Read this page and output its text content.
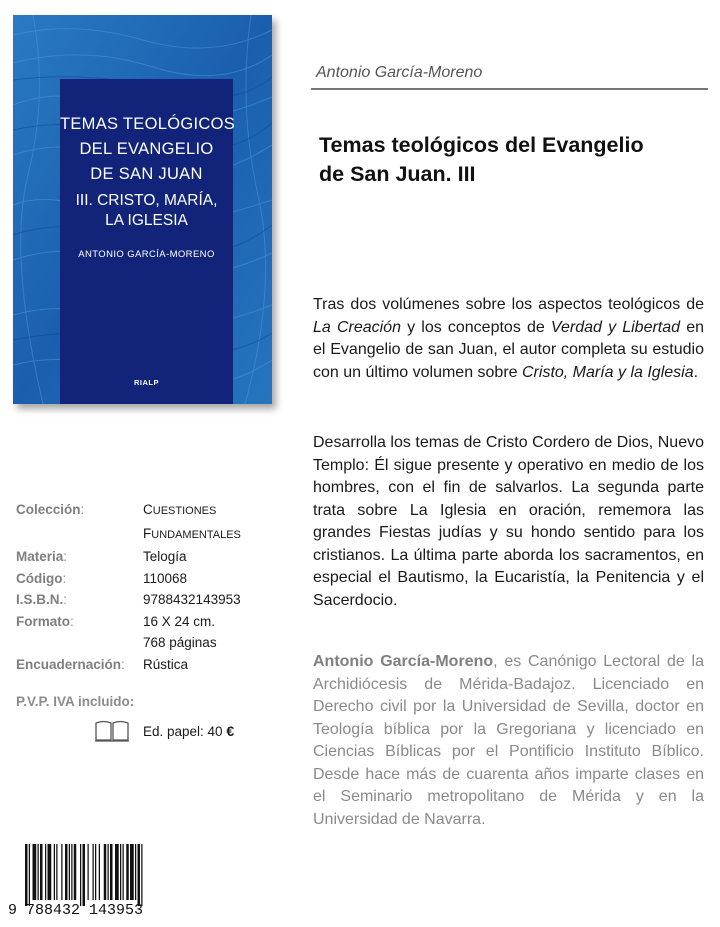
TEMAS TEOLÓGICOS
DEL EVANGELIO
DE SAN JUAN
III. CRISTO, MARÍA,
LA IGLESIA
ANTONIO GARCÍA-MORENO
RIALP
Antonio García-Moreno
Temas teológicos del Evangelio
de San Juan. III

Tras dos volúmenes sobre los aspectos teológicos de La Creación y los conceptos de Verdad y Libertad en el Evangelio de san Juan, el autor completa su estudio con un último volumen sobre Cristo, María y la Iglesia.

Desarrolla los temas de Cristo Cordero de Dios, Nuevo Templo: Él sigue presente y operativo en medio de los hombres, con el fin de salvarlos. La segunda parte trata sobre La Iglesia en oración, rememora las grandes Fiestas judías y su hondo sentido para los cristianos. La última parte aborda los sacramentos, en especial el Bautismo, la Eucaristía, la Penitencia y el Sacerdocio.

Antonio García-Moreno, es Canónigo Lectoral de la Archidiócesis de Mérida-Badajoz. Licenciado en Derecho civil por la Universidad de Sevilla, doctor en Teología bíblica por la Gregoriana y licenciado en Ciencias Bíblicas por el Pontificio Instituto Bíblico. Desde hace más de cuarenta años imparte clases en el Seminario metropolitano de Mérida y en la Universidad de Navarra.

Colección:	CUESTIONES
FUNDAMENTALES
Materia:	Telogía
Código:	110068
I.S.B.N.:	9788432143953
Formato:	16 X 24 cm.
768 páginas
Encuadernación:	Rústica
P.V.P. IVA incluido:
Ed. papel: 40 €
9 788432 143953
